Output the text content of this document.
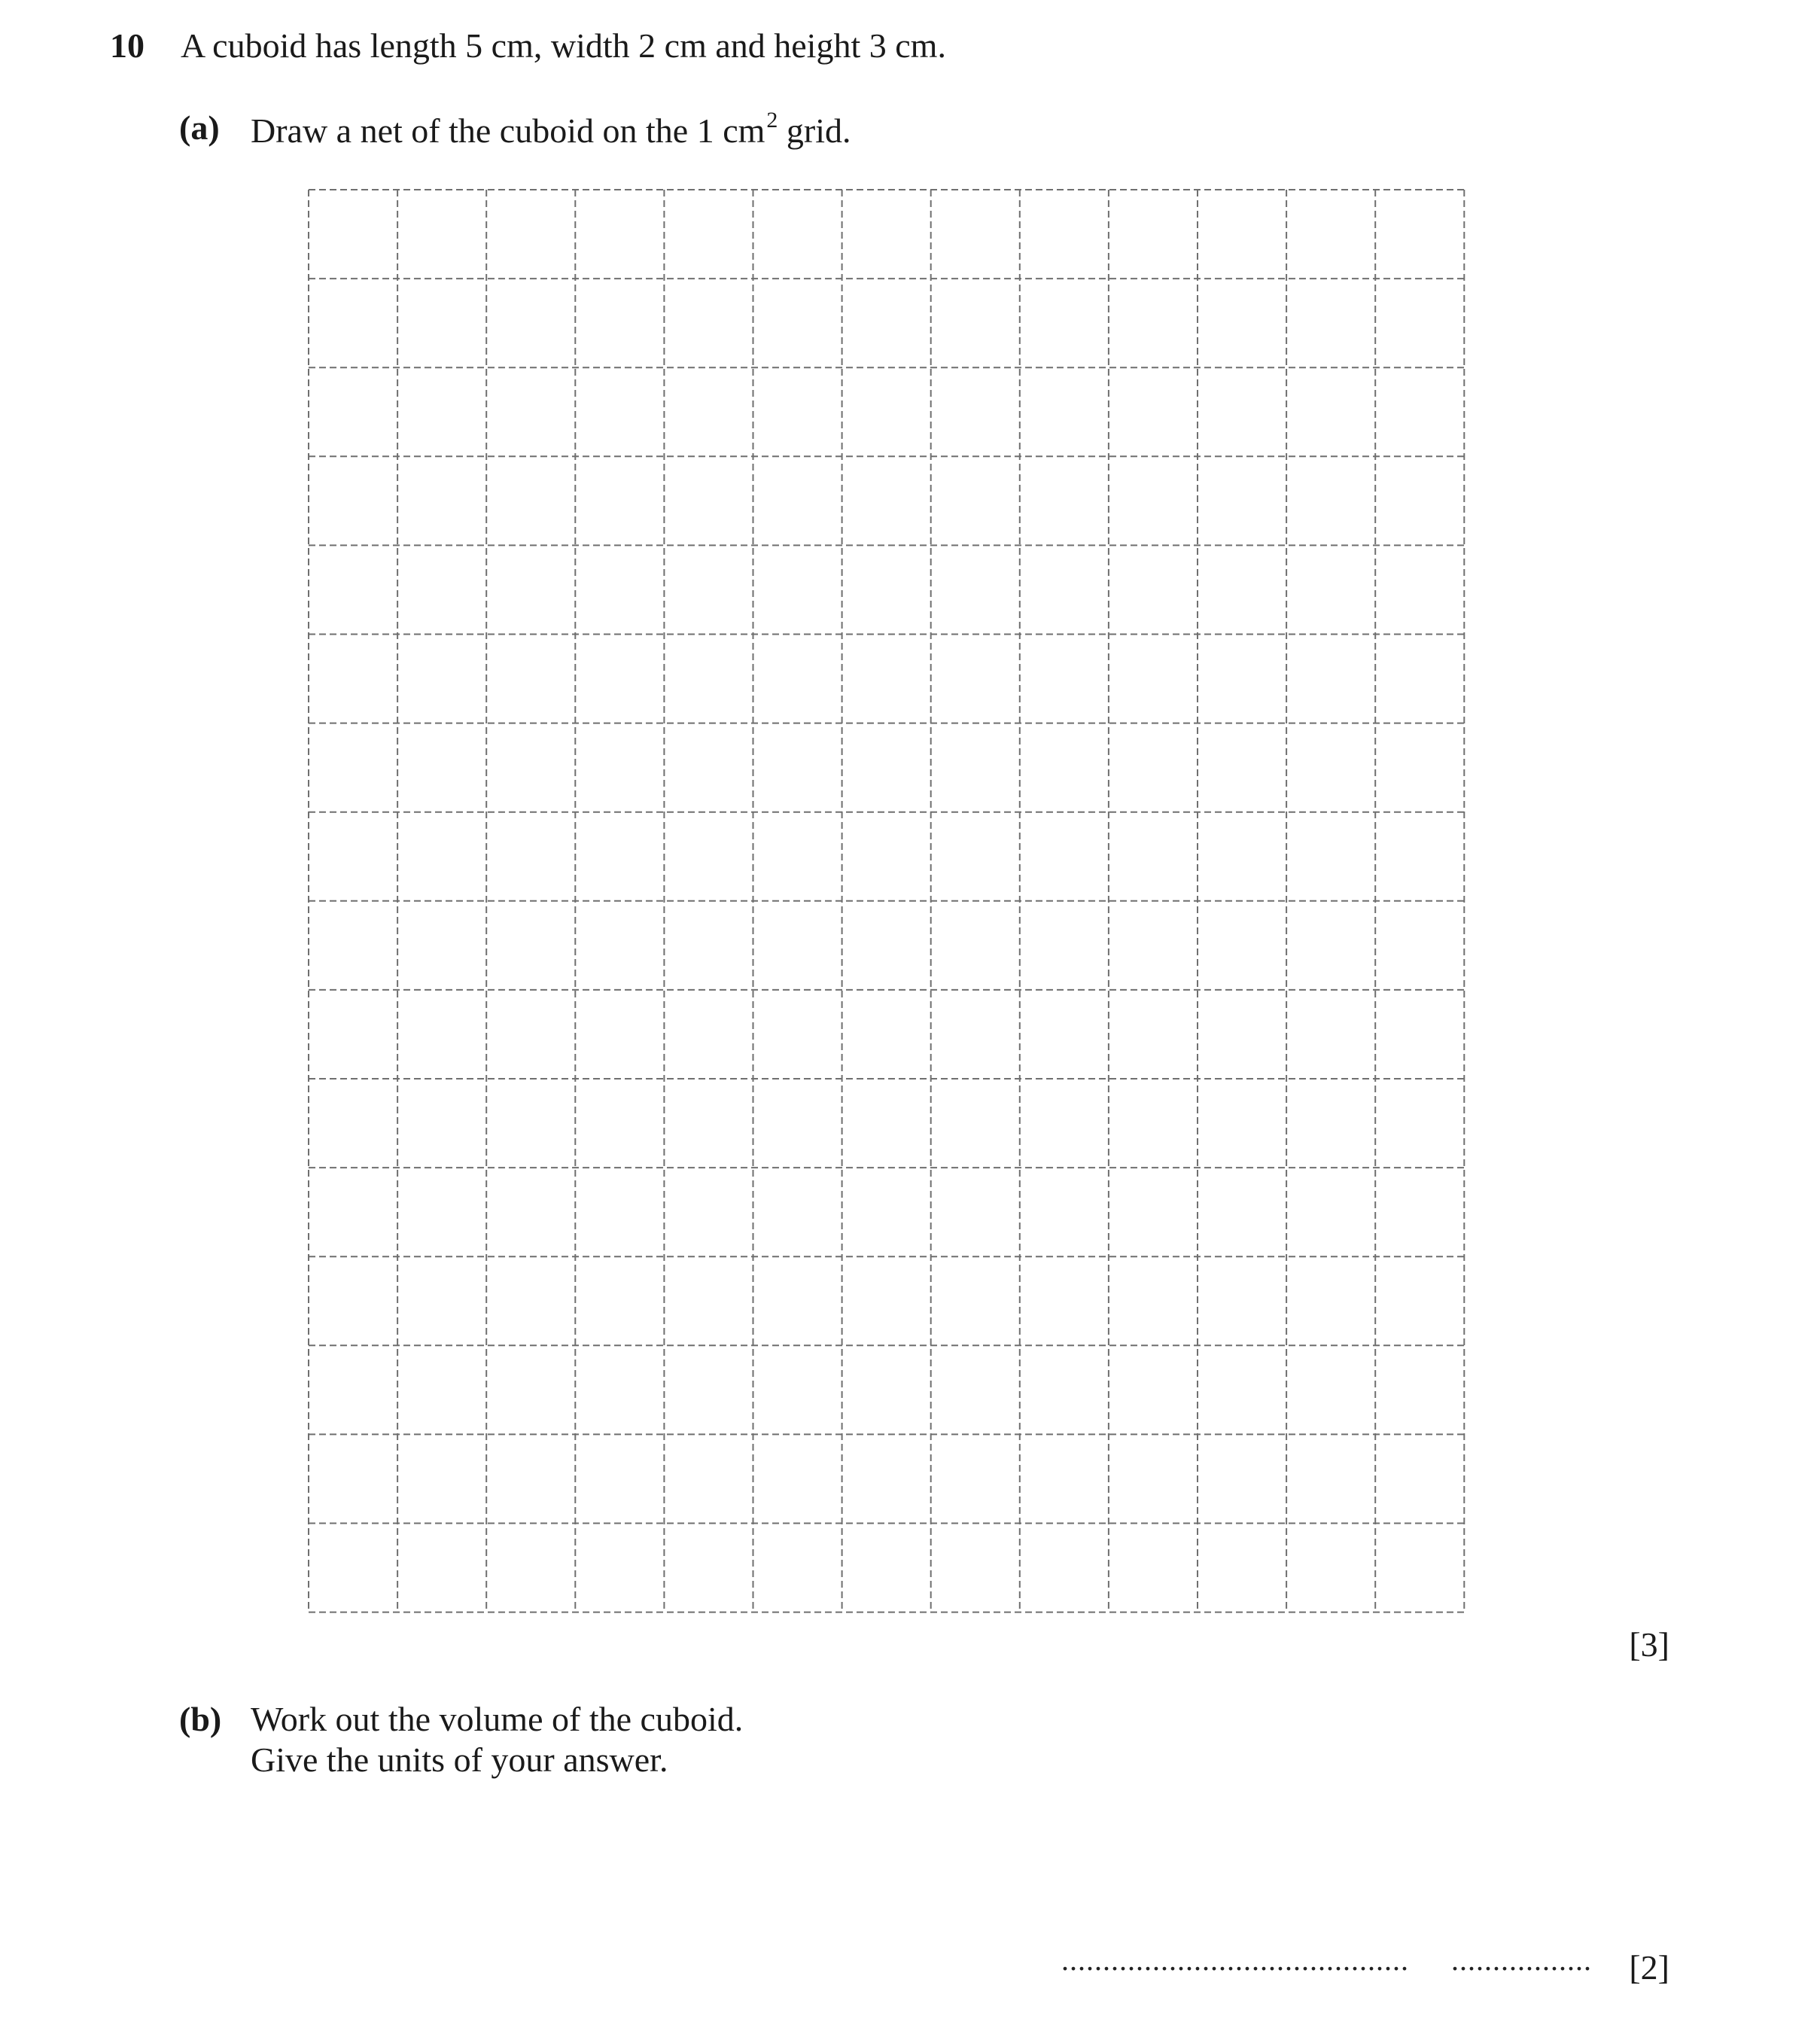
10 A cuboid has length 5 cm, width 2 cm and height 3 cm.
(a) Draw a net of the cuboid on the 1 $cm^2$ grid.
[3]
(b) Work out the volume of the cuboid.
Give the units of your answer.
.......................................... ................. [2]
